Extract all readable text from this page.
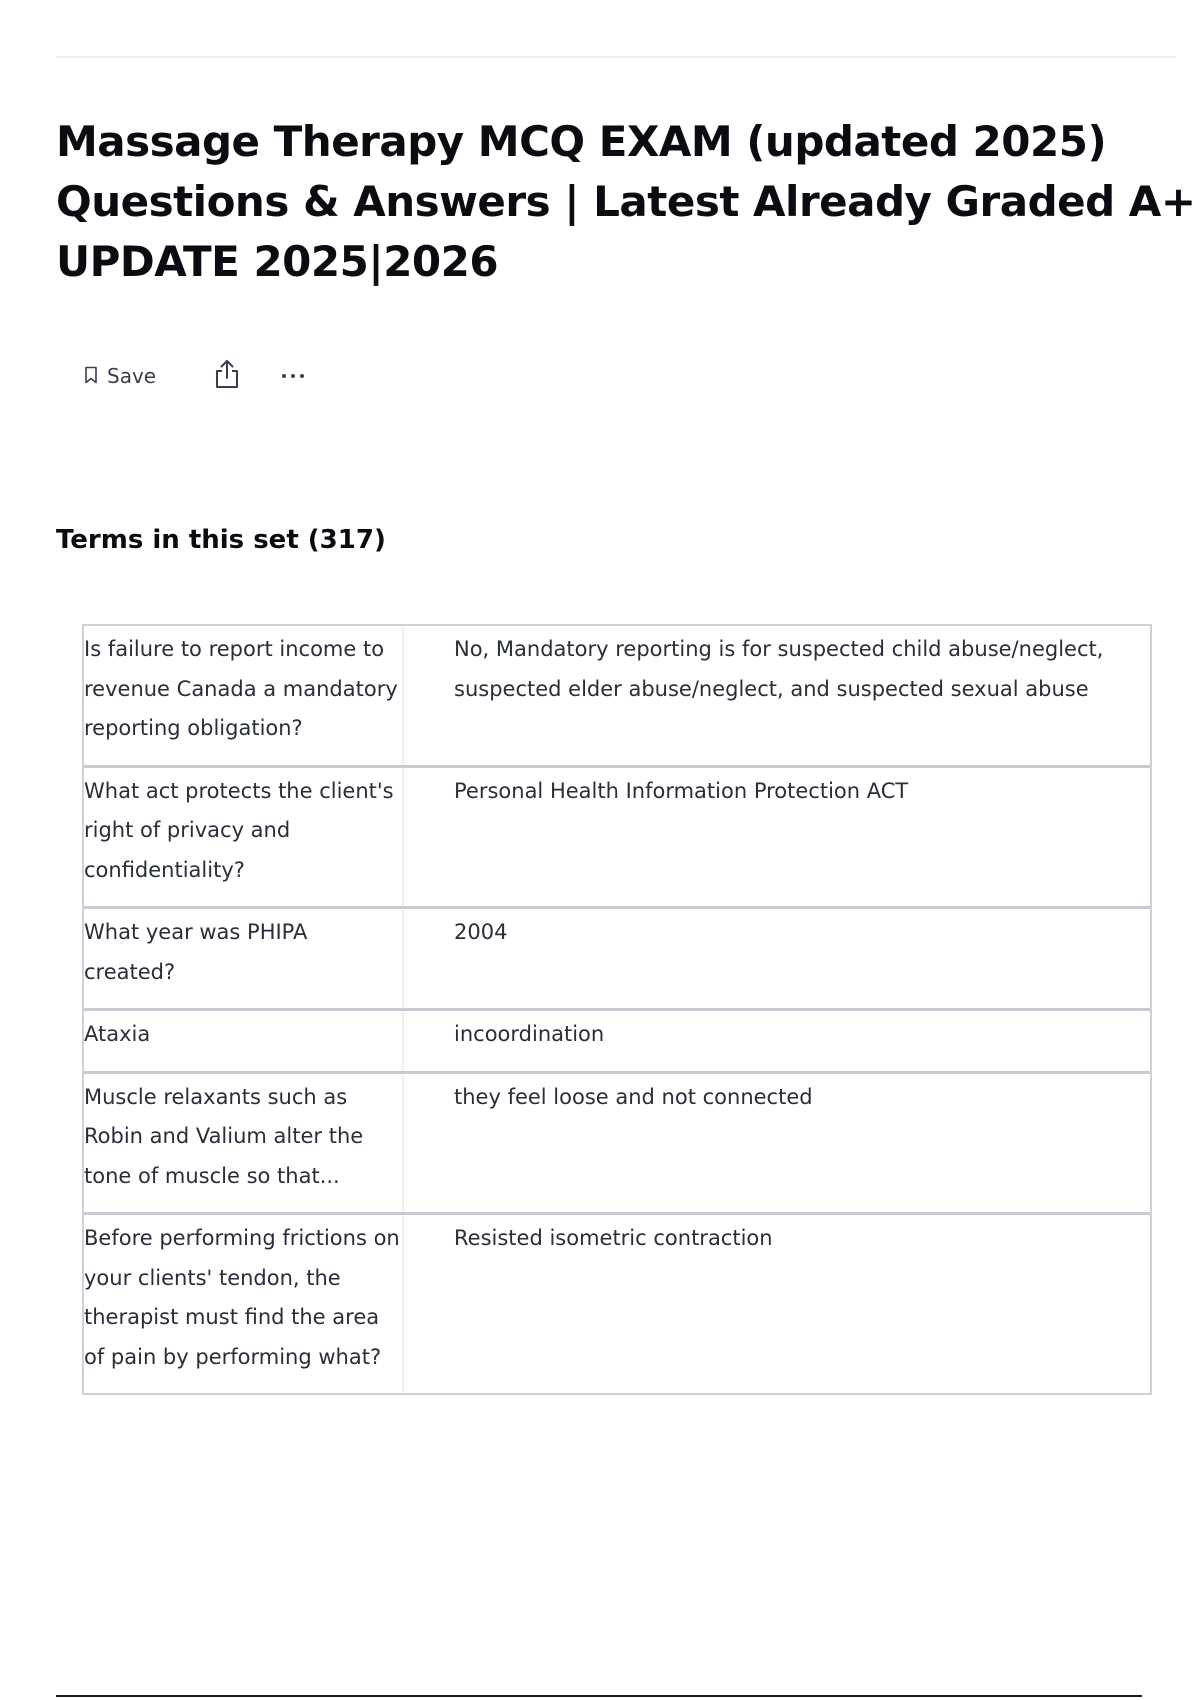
Massage Therapy MCQ EXAM (updated 2025)
Questions & Answers | Latest Already Graded A+
UPDATE 2025|2026
Save
Terms in this set (317)
Is failure to report income to revenue Canada a mandatory reporting obligation?
No, Mandatory reporting is for suspected child abuse/neglect, suspected elder abuse/neglect, and suspected sexual abuse
What act protects the client's right of privacy and confidentiality?
Personal Health Information Protection ACT
What year was PHIPA created?
2004
Ataxia	incoordination
Muscle relaxants such as Robin and Valium alter the tone of muscle so that...
they feel loose and not connected
Before performing frictions on your clients' tendon, the therapist must find the area of pain by performing what?
Resisted isometric contraction
